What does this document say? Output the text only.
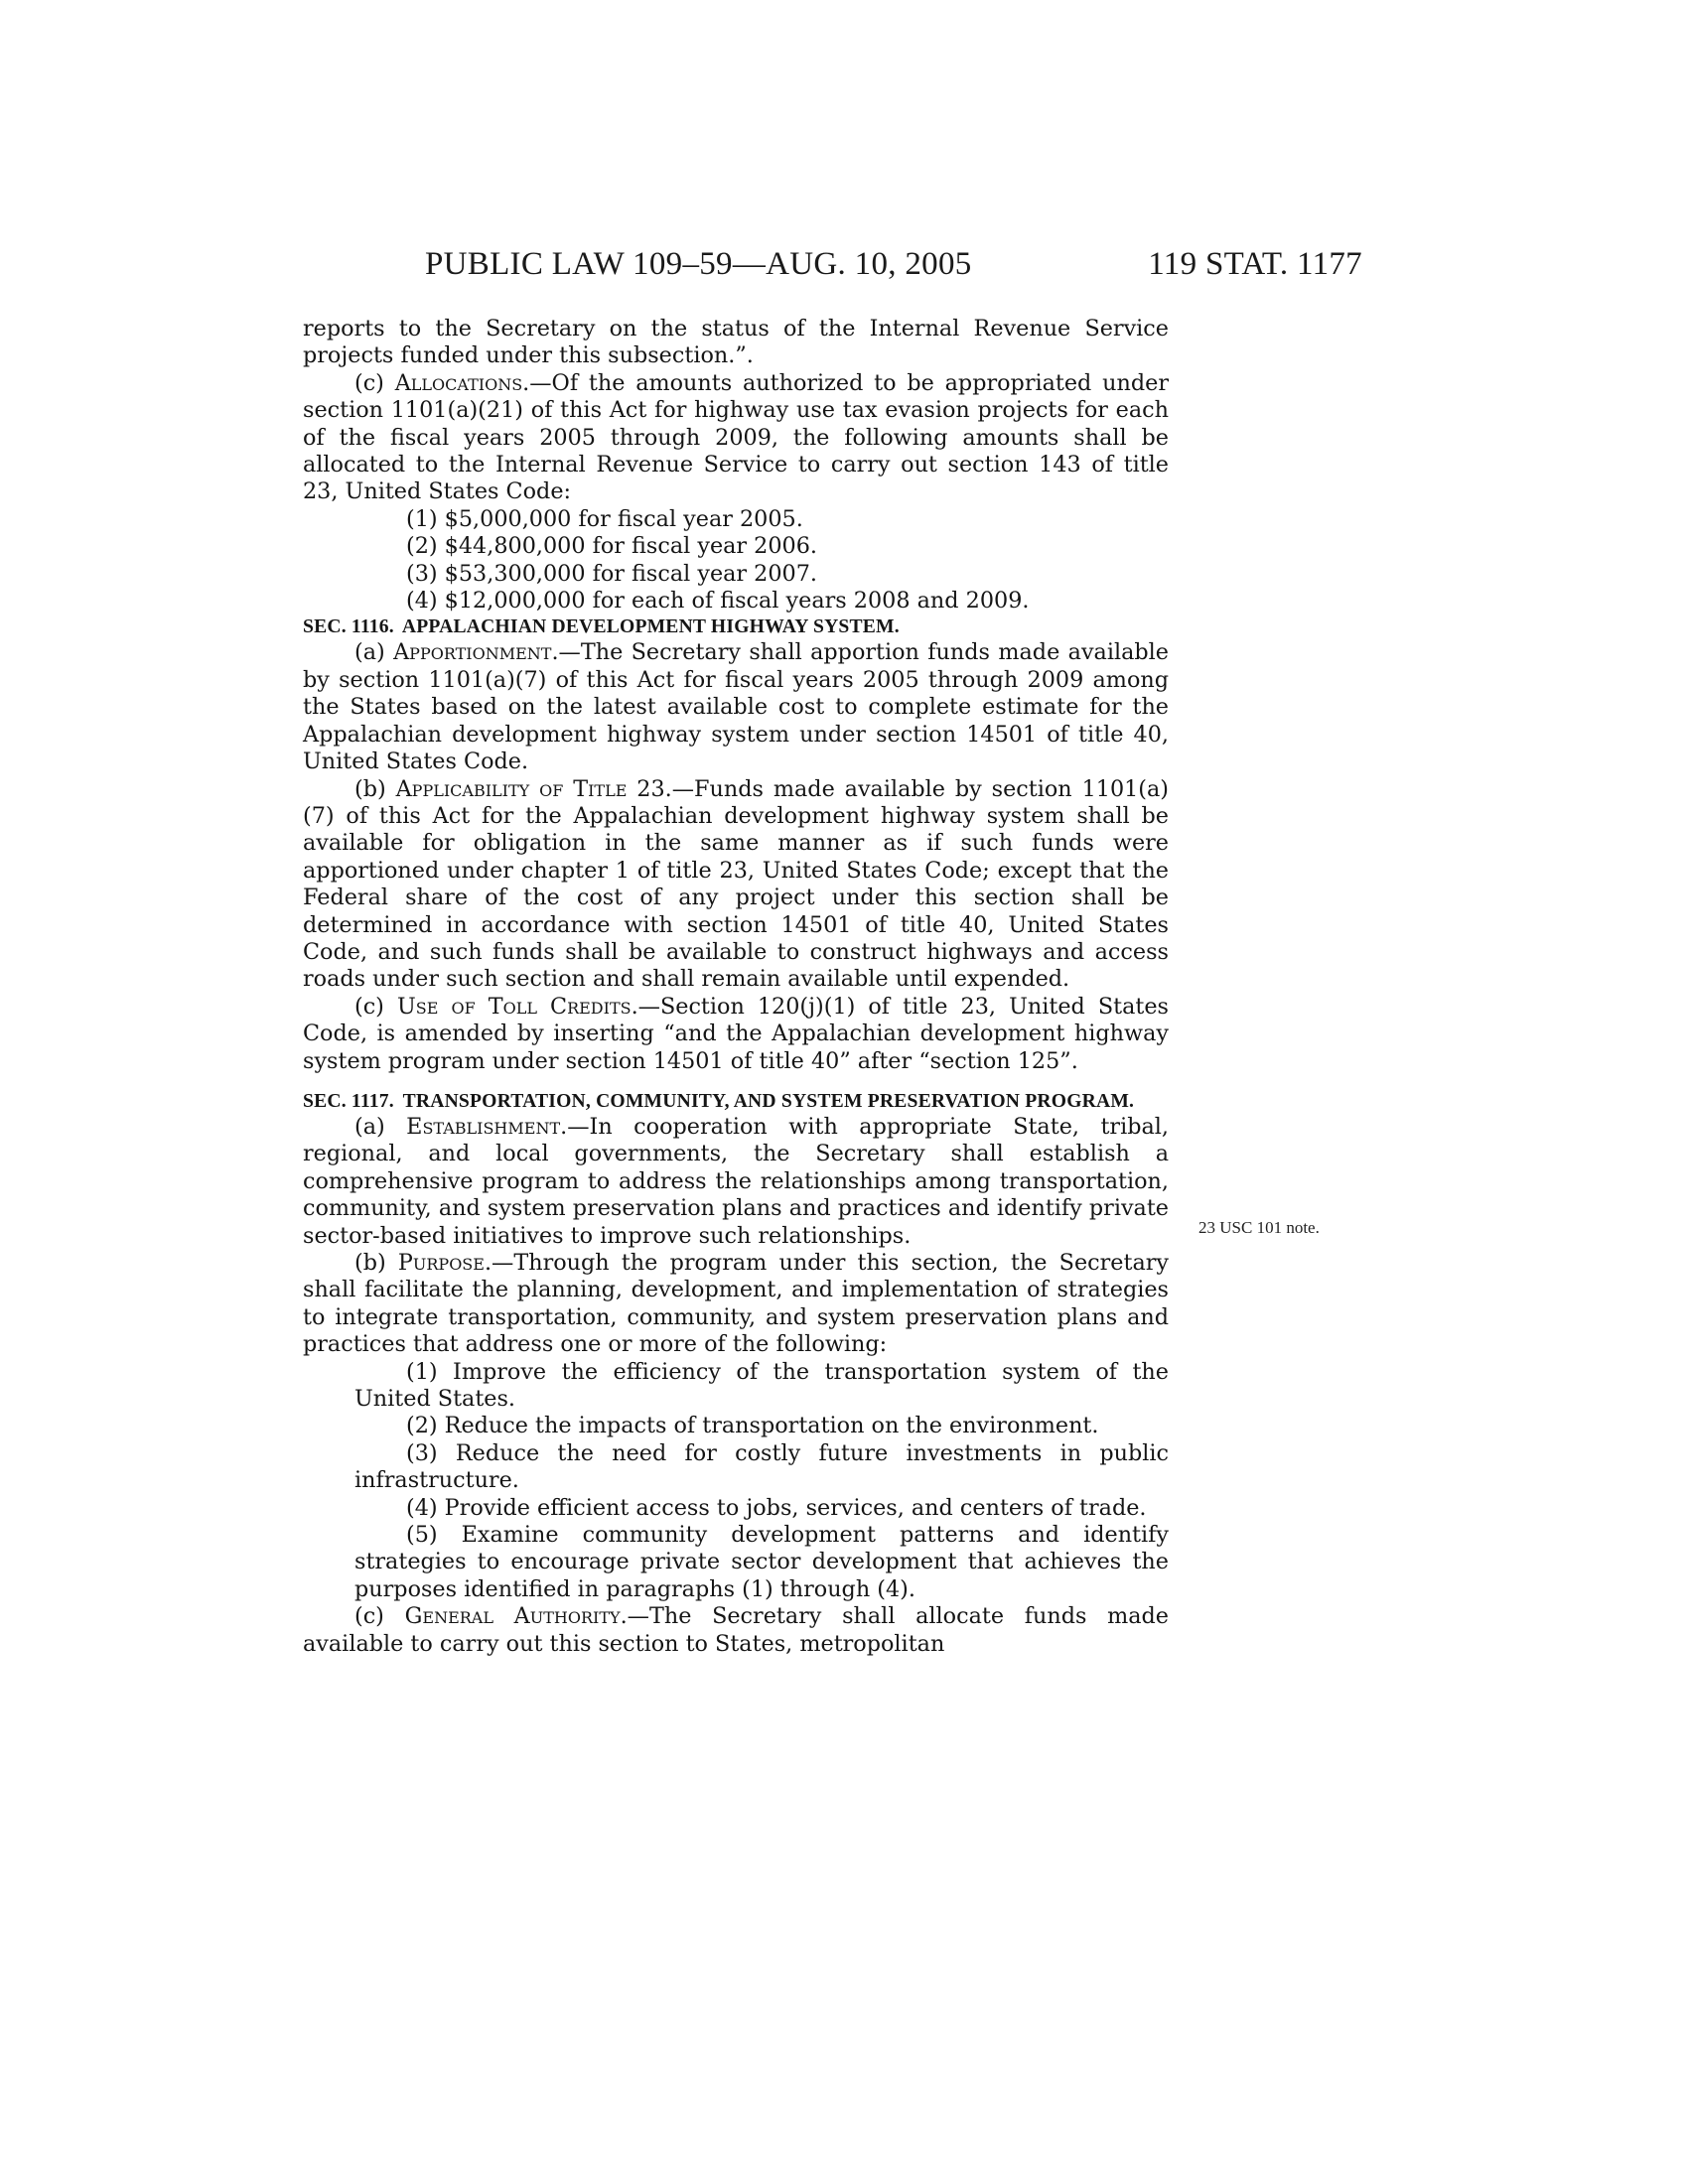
PUBLIC LAW 109–59—AUG. 10, 2005	119 STAT. 1177
23 USC 101 note.

reports to the Secretary on the status of the Internal Revenue Service projects funded under this subsection.”.

(c) Allocations.—Of the amounts authorized to be appropriated under section 1101(a)(21) of this Act for highway use tax evasion projects for each of the fiscal years 2005 through 2009, the following amounts shall be allocated to the Internal Revenue Service to carry out section 143 of title 23, United States Code:

(1) $5,000,000 for fiscal year 2005.

(2) $44,800,000 for fiscal year 2006.

(3) $53,300,000 for fiscal year 2007.

(4) $12,000,000 for each of fiscal years 2008 and 2009.

SEC. 1116. APPALACHIAN DEVELOPMENT HIGHWAY SYSTEM.

(a) Apportionment.—The Secretary shall apportion funds made available by section 1101(a)(7) of this Act for fiscal years 2005 through 2009 among the States based on the latest available cost to complete estimate for the Appalachian development highway system under section 14501 of title 40, United States Code.

(b) Applicability of Title 23.—Funds made available by section 1101(a)(7) of this Act for the Appalachian development highway system shall be available for obligation in the same manner as if such funds were apportioned under chapter 1 of title 23, United States Code; except that the Federal share of the cost of any project under this section shall be determined in accordance with section 14501 of title 40, United States Code, and such funds shall be available to construct highways and access roads under such section and shall remain available until expended.

(c) Use of Toll Credits.—Section 120(j)(1) of title 23, United States Code, is amended by inserting “and the Appalachian development highway system program under section 14501 of title 40” after “section 125”.

SEC. 1117. TRANSPORTATION, COMMUNITY, AND SYSTEM PRESERVATION PROGRAM.

(a) Establishment.—In cooperation with appropriate State, tribal, regional, and local governments, the Secretary shall establish a comprehensive program to address the relationships among transportation, community, and system preservation plans and practices and identify private sector-based initiatives to improve such relationships.

(b) Purpose.—Through the program under this section, the Secretary shall facilitate the planning, development, and implementation of strategies to integrate transportation, community, and system preservation plans and practices that address one or more of the following:

(1) Improve the efficiency of the transportation system of the United States.

(2) Reduce the impacts of transportation on the environment.

(3) Reduce the need for costly future investments in public infrastructure.

(4) Provide efficient access to jobs, services, and centers of trade.

(5) Examine community development patterns and identify strategies to encourage private sector development that achieves the purposes identified in paragraphs (1) through (4).

(c) General Authority.—The Secretary shall allocate funds made available to carry out this section to States, metropolitan
